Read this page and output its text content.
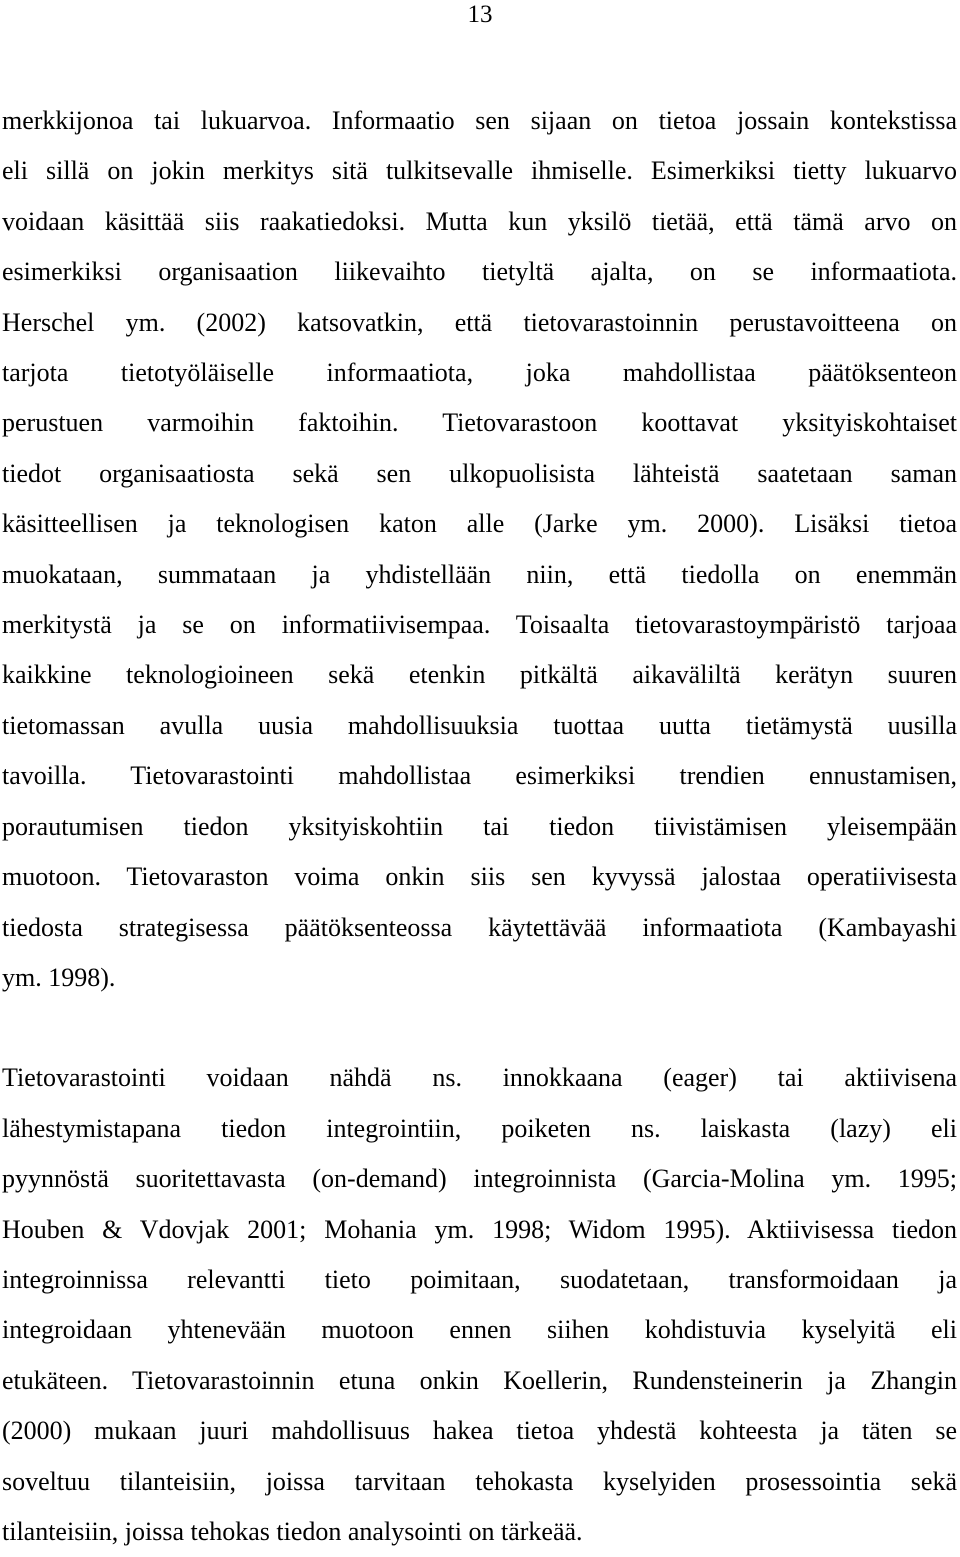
13

merkkijonoa tai lukuarvoa. Informaatio sen sijaan on tietoa jossain kontekstissa
eli sillä on jokin merkitys sitä tulkitsevalle ihmiselle. Esimerkiksi tietty lukuarvo
voidaan käsittää siis raakatiedoksi. Mutta kun yksilö tietää, että tämä arvo on
esimerkiksi organisaation liikevaihto tietyltä ajalta, on se informaatiota.
Herschel ym. (2002) katsovatkin, että tietovarastoinnin perustavoitteena on
tarjota tietotyöläiselle informaatiota, joka mahdollistaa päätöksenteon
perustuen varmoihin faktoihin. Tietovarastoon koottavat yksityiskohtaiset
tiedot organisaatiosta sekä sen ulkopuolisista lähteistä saatetaan saman
käsitteellisen ja teknologisen katon alle (Jarke ym. 2000). Lisäksi tietoa
muokataan, summataan ja yhdistellään niin, että tiedolla on enemmän
merkitystä ja se on informatiivisempaa. Toisaalta tietovarastoympäristö tarjoaa
kaikkine teknologioineen sekä etenkin pitkältä aikaväliltä kerätyn suuren
tietomassan avulla uusia mahdollisuuksia tuottaa uutta tietämystä uusilla
tavoilla. Tietovarastointi mahdollistaa esimerkiksi trendien ennustamisen,
porautumisen tiedon yksityiskohtiin tai tiedon tiivistämisen yleisempään
muotoon. Tietovaraston voima onkin siis sen kyvyssä jalostaa operatiivisesta
tiedosta strategisessa päätöksenteossa käytettävää informaatiota (Kambayashi
ym. 1998).

Tietovarastointi voidaan nähdä ns. innokkaana (eager) tai aktiivisena
lähestymistapana tiedon integrointiin, poiketen ns. laiskasta (lazy) eli
pyynnöstä suoritettavasta (on-demand) integroinnista (Garcia-Molina ym. 1995;
Houben & Vdovjak 2001; Mohania ym. 1998; Widom 1995). Aktiivisessa tiedon
integroinnissa relevantti tieto poimitaan, suodatetaan, transformoidaan ja
integroidaan yhtenevään muotoon ennen siihen kohdistuvia kyselyitä eli
etukäteen. Tietovarastoinnin etuna onkin Koellerin, Rundensteinerin ja Zhangin
(2000) mukaan juuri mahdollisuus hakea tietoa yhdestä kohteesta ja täten se
soveltuu tilanteisiin, joissa tarvitaan tehokasta kyselyiden prosessointia sekä
tilanteisiin, joissa tehokas tiedon analysointi on tärkeää.
